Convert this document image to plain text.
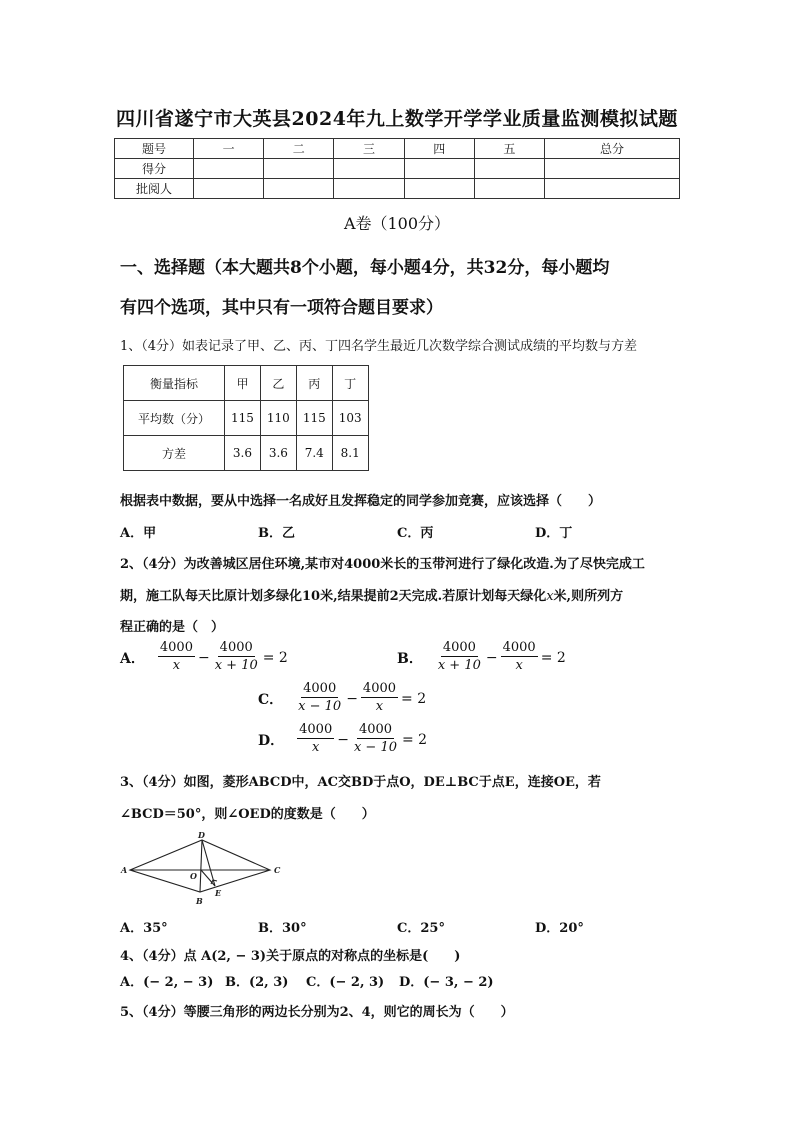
四川省遂宁市大英县2024年九上数学开学学业质量监测模拟试题
题号	一	二	三	四	五	总分
得分						
批阅人						
A卷（100分）
一、选择题（本大题共8个小题，每小题4分，共32分，每小题均
有四个选项，其中只有一项符合题目要求）
1、（4分）如表记录了甲、乙、丙、丁四名学生最近几次数学综合测试成绩的平均数与方差
衡量指标	甲	乙	丙	丁
平均数（分）	115	110	115	103
方差	3.6	3.6	7.4	8.1
根据表中数据，要从中选择一名成好且发挥稳定的同学参加竞赛，应该选择（　　）
A．甲	B．乙	C．丙	D．丁
2、（4分）为改善城区居住环境,某市对4000米长的玉带河进行了绿化改造.为了尽快完成工
期，施工队每天比原计划多绿化10米,结果提前2天完成.若原计划每天绿化x米,则所列方
程正确的是（　）
A． $\frac{4000}{x} - \frac{4000}{x + 10} = 2$	B． $\frac{4000}{x + 10} - \frac{4000}{x} = 2$
C． $\frac{4000}{x - 10} - \frac{4000}{x} = 2$
D． $\frac{4000}{x} - \frac{4000}{x - 10} = 2$
3、（4分）如图，菱形ABCD中，AC交BD于点O，DE⊥BC于点E，连接OE，若
∠BCD＝50°，则∠OED的度数是（　　）
A
B
C
D
O
E
A．35°	B．30°	C．25°	D．20°
4、（4分）点 A(2, − 3)关于原点的对称点的坐标是(　　)
A．(− 2, − 3) B．(2, 3) C．(− 2, 3) D．(− 3, − 2)
5、（4分）等腰三角形的两边长分别为2、4，则它的周长为（　　）
